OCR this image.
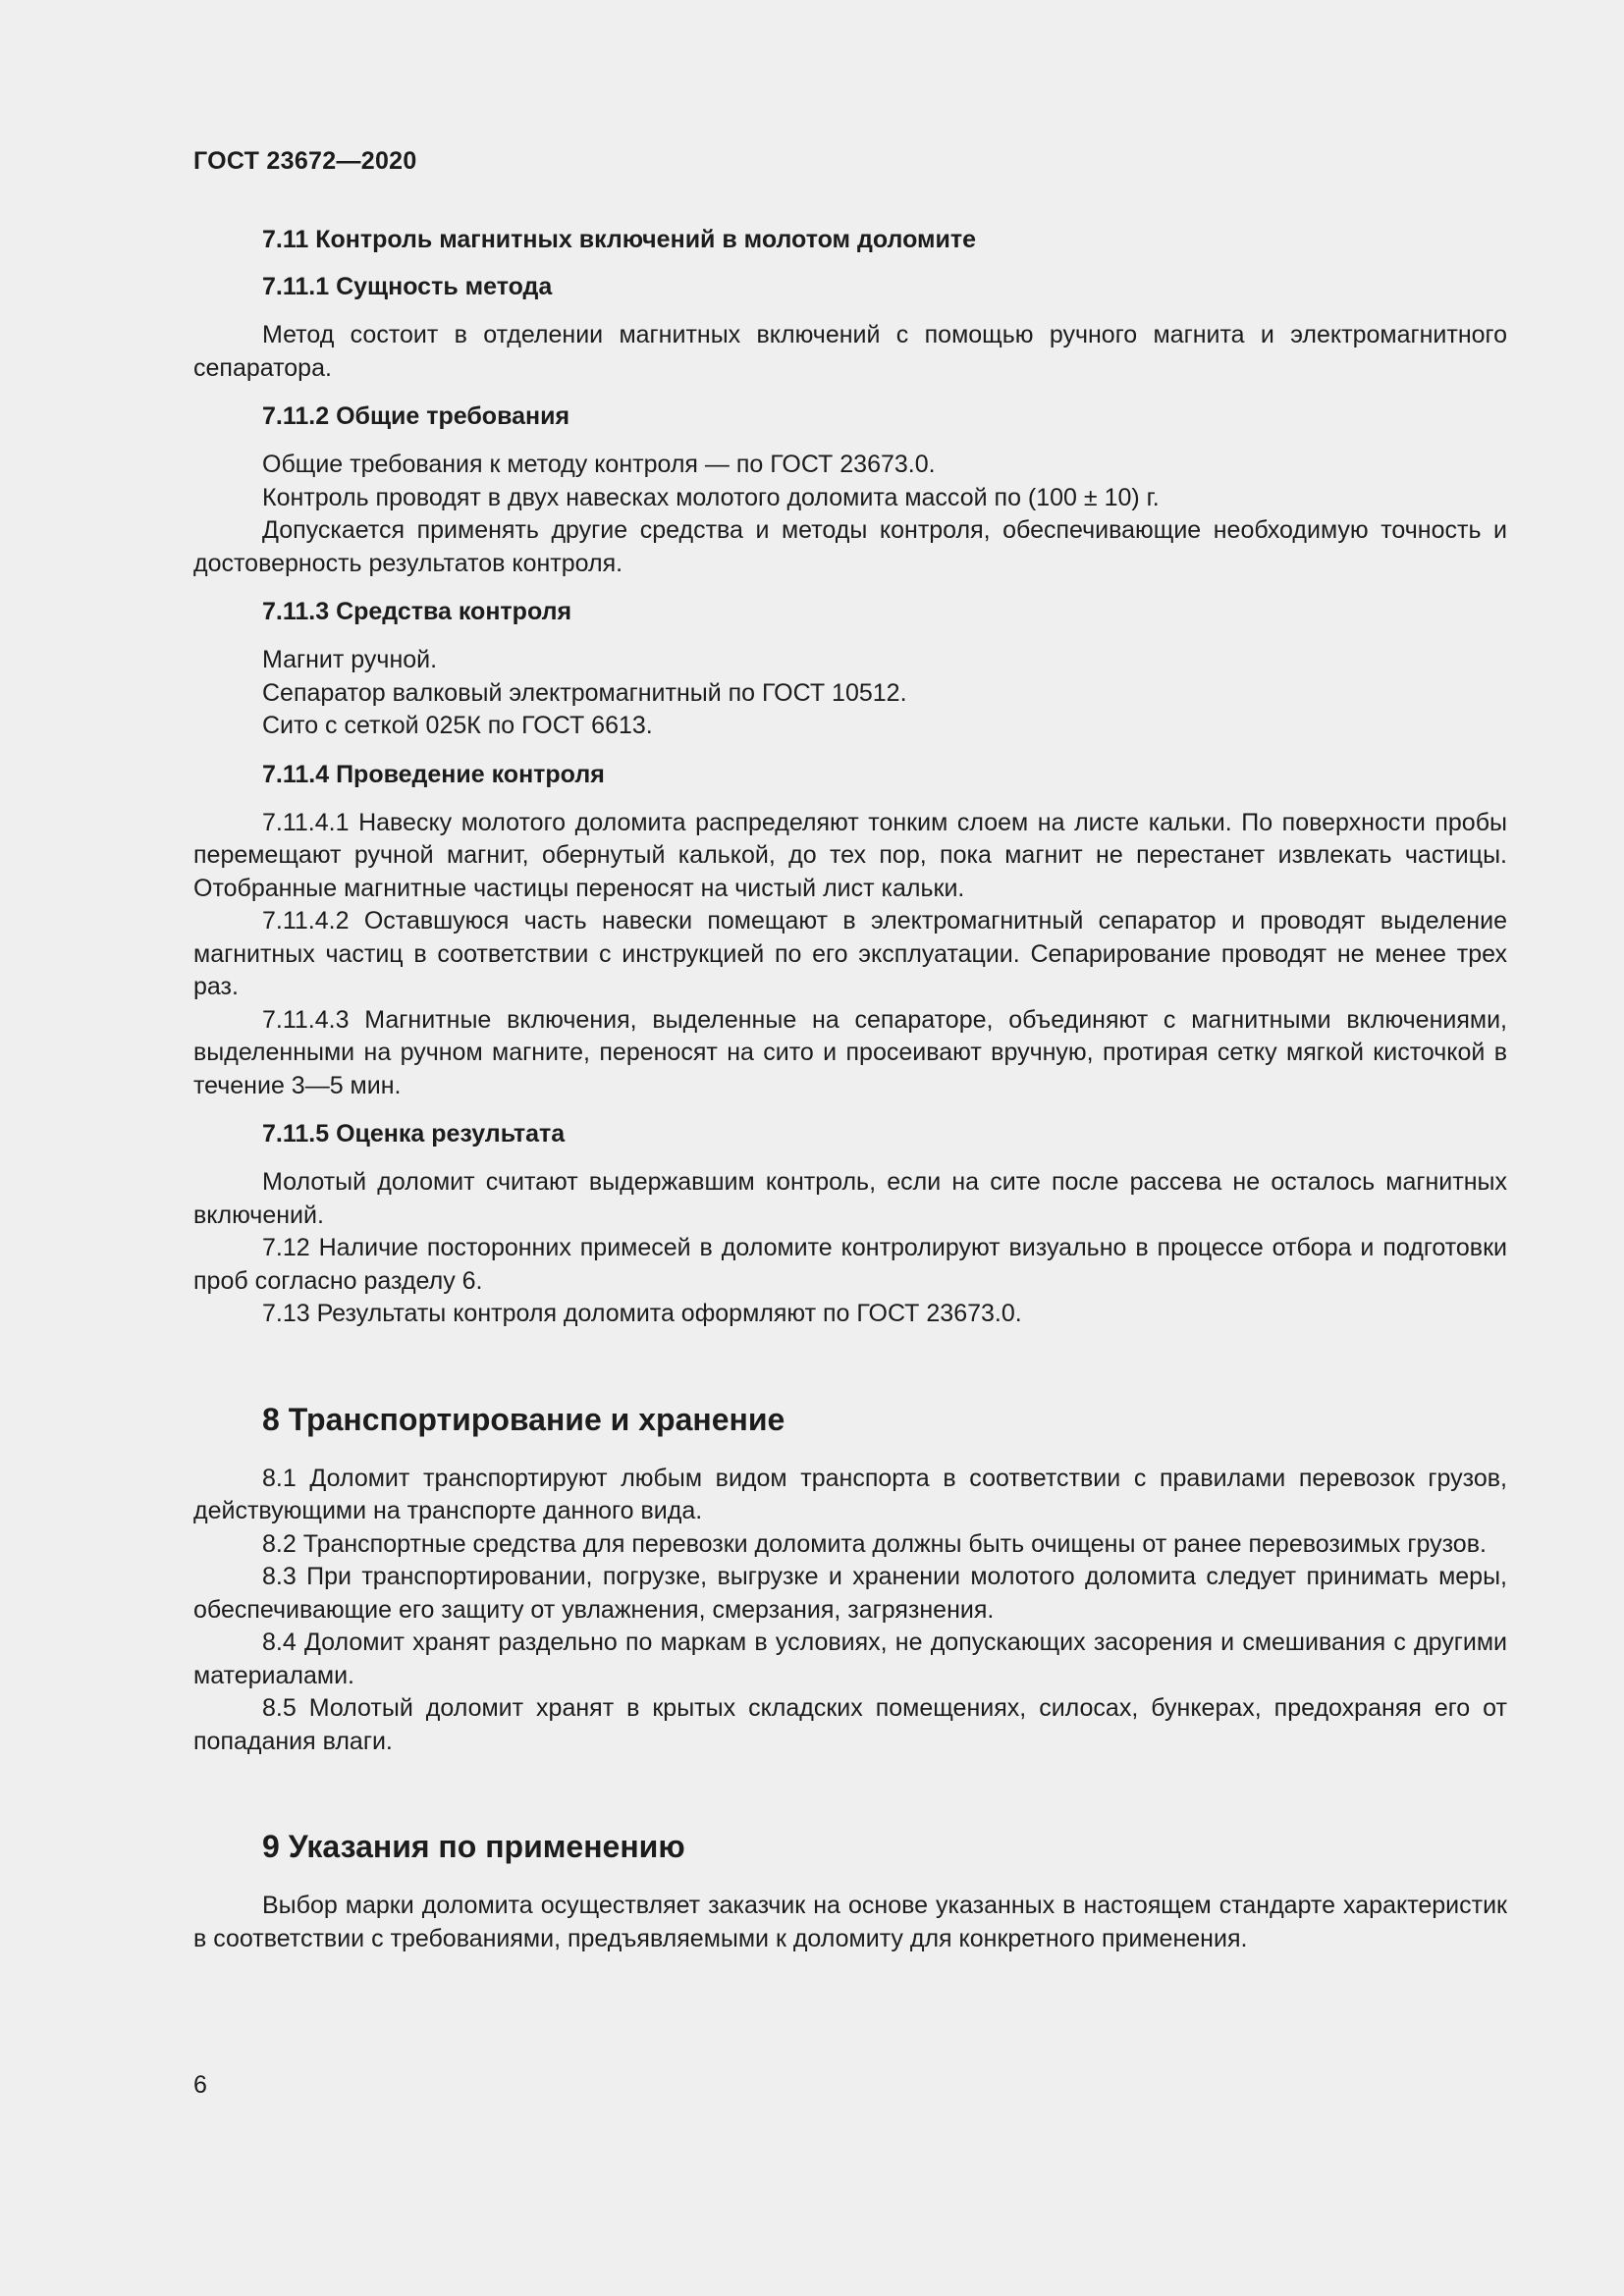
ГОСТ 23672—2020
7.11 Контроль магнитных включений в молотом доломите
7.11.1 Сущность метода

Метод состоит в отделении магнитных включений с помощью ручного магнита и электромагнитного сепаратора.

7.11.2 Общие требования

Общие требования к методу контроля — по ГОСТ 23673.0.

Контроль проводят в двух навесках молотого доломита массой по (100 ± 10) г.

Допускается применять другие средства и методы контроля, обеспечивающие необходимую точность и достоверность результатов контроля.

7.11.3 Средства контроля

Магнит ручной.

Сепаратор валковый электромагнитный по ГОСТ 10512.

Сито с сеткой 025К по ГОСТ 6613.

7.11.4 Проведение контроля

7.11.4.1 Навеску молотого доломита распределяют тонким слоем на листе кальки. По поверхности пробы перемещают ручной магнит, обернутый калькой, до тех пор, пока магнит не перестанет извлекать частицы. Отобранные магнитные частицы переносят на чистый лист кальки.

7.11.4.2 Оставшуюся часть навески помещают в электромагнитный сепаратор и проводят выделение магнитных частиц в соответствии с инструкцией по его эксплуатации. Сепарирование проводят не менее трех раз.

7.11.4.3 Магнитные включения, выделенные на сепараторе, объединяют с магнитными включениями, выделенными на ручном магните, переносят на сито и просеивают вручную, протирая сетку мягкой кисточкой в течение 3—5 мин.

7.11.5 Оценка результата

Молотый доломит считают выдержавшим контроль, если на сите после рассева не осталось магнитных включений.

7.12 Наличие посторонних примесей в доломите контролируют визуально в процессе отбора и подготовки проб согласно разделу 6.

7.13 Результаты контроля доломита оформляют по ГОСТ 23673.0.

8 Транспортирование и хранение

8.1 Доломит транспортируют любым видом транспорта в соответствии с правилами перевозок грузов, действующими на транспорте данного вида.

8.2 Транспортные средства для перевозки доломита должны быть очищены от ранее перевозимых грузов.

8.3 При транспортировании, погрузке, выгрузке и хранении молотого доломита следует принимать меры, обеспечивающие его защиту от увлажнения, смерзания, загрязнения.

8.4 Доломит хранят раздельно по маркам в условиях, не допускающих засорения и смешивания с другими материалами.

8.5 Молотый доломит хранят в крытых складских помещениях, силосах, бункерах, предохраняя его от попадания влаги.

9 Указания по применению

Выбор марки доломита осуществляет заказчик на основе указанных в настоящем стандарте характеристик в соответствии с требованиями, предъявляемыми к доломиту для конкретного применения.

6
